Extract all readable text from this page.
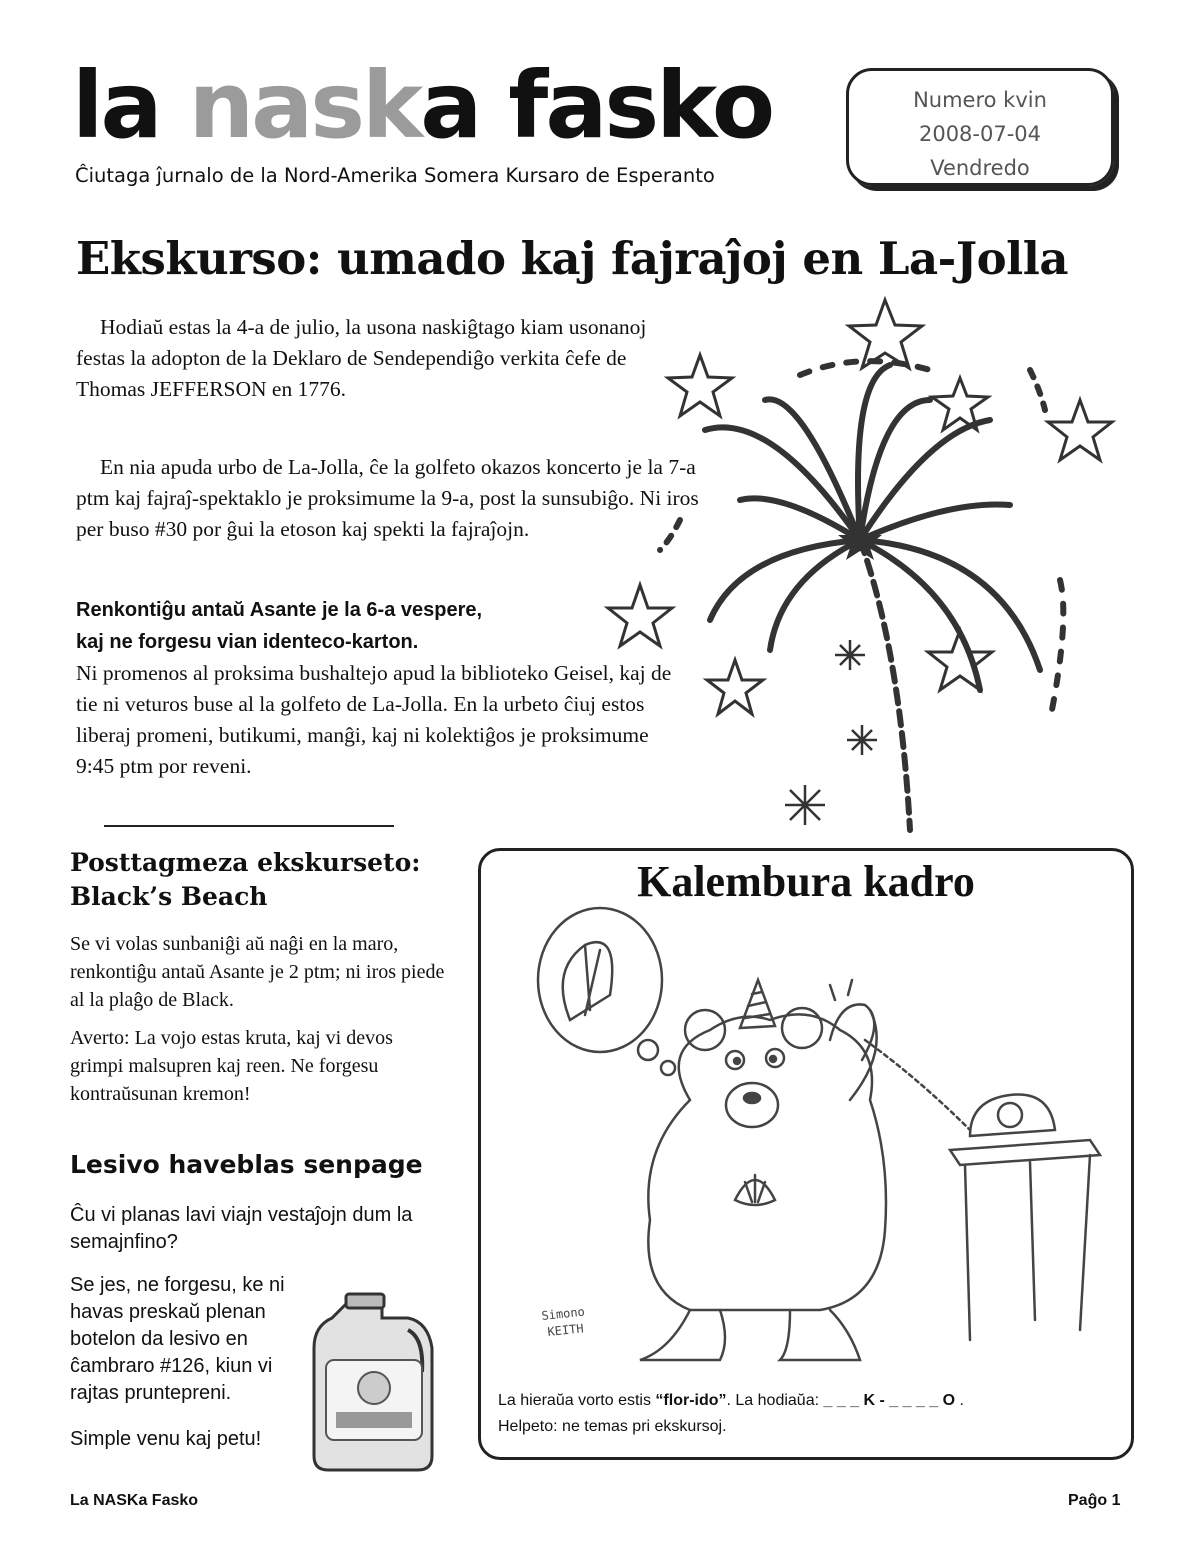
la naska fasko
Ĉiutaga ĵurnalo de la Nord-Amerika Somera Kursaro de Esperanto
Numero kvin
2008-07-04
Vendredo
Ekskurso: umado kaj fajraĵoj en La-Jolla

Hodiaŭ estas la 4-a de julio, la usona naskiĝtago kiam usonanoj festas la adopton de la Deklaro de Sendependiĝo verkita ĉefe de Thomas JEFFERSON en 1776.

En nia apuda urbo de La-Jolla, ĉe la golfeto okazos koncerto je la 7-a ptm kaj fajraĵ-spektaklo je proksimume la 9-a, post la sunsubiĝo. Ni iros per buso #30 por ĝui la etoson kaj spekti la fajraĵojn.

Renkontiĝu antaŭ Asante je la 6-a vespere,
kaj ne forgesu vian identeco-karton.
Ni promenos al proksima bushaltejo apud la biblioteko Geisel, kaj de tie ni veturos buse al la golfeto de La-Jolla. En la urbeto ĉiuj estos liberaj promeni, butikumi, manĝi, kaj ni kolektiĝos je proksimume 9:45 ptm por reveni.
Posttagmeza ekskurseto:
Black’s Beach

Se vi volas sunbaniĝi aŭ naĝi en la maro, renkontiĝu antaŭ Asante je 2 ptm; ni iros piede al la plaĝo de Black.

Averto: La vojo estas kruta, kaj vi devos grimpi malsupren kaj reen. Ne forgesu kontraŭsunan kremon!

Lesivo haveblas senpage

Ĉu vi planas lavi viajn vestaĵojn dum la semajnfino?

Se jes, ne forgesu, ke ni havas preskaŭ plenan botelon da lesivo en ĉambraro #126, kiun vi rajtas pruntepreni.

Simple venu kaj petu!

Kalembura kadro
Simono
KEITH
La hieraŭa vorto estis “flor-ido”. La hodiaŭa: _ _ _ K - _ _ _ _ O .
Helpeto: ne temas pri ekskursoj.
La NASKa Fasko	Paĝo 1
